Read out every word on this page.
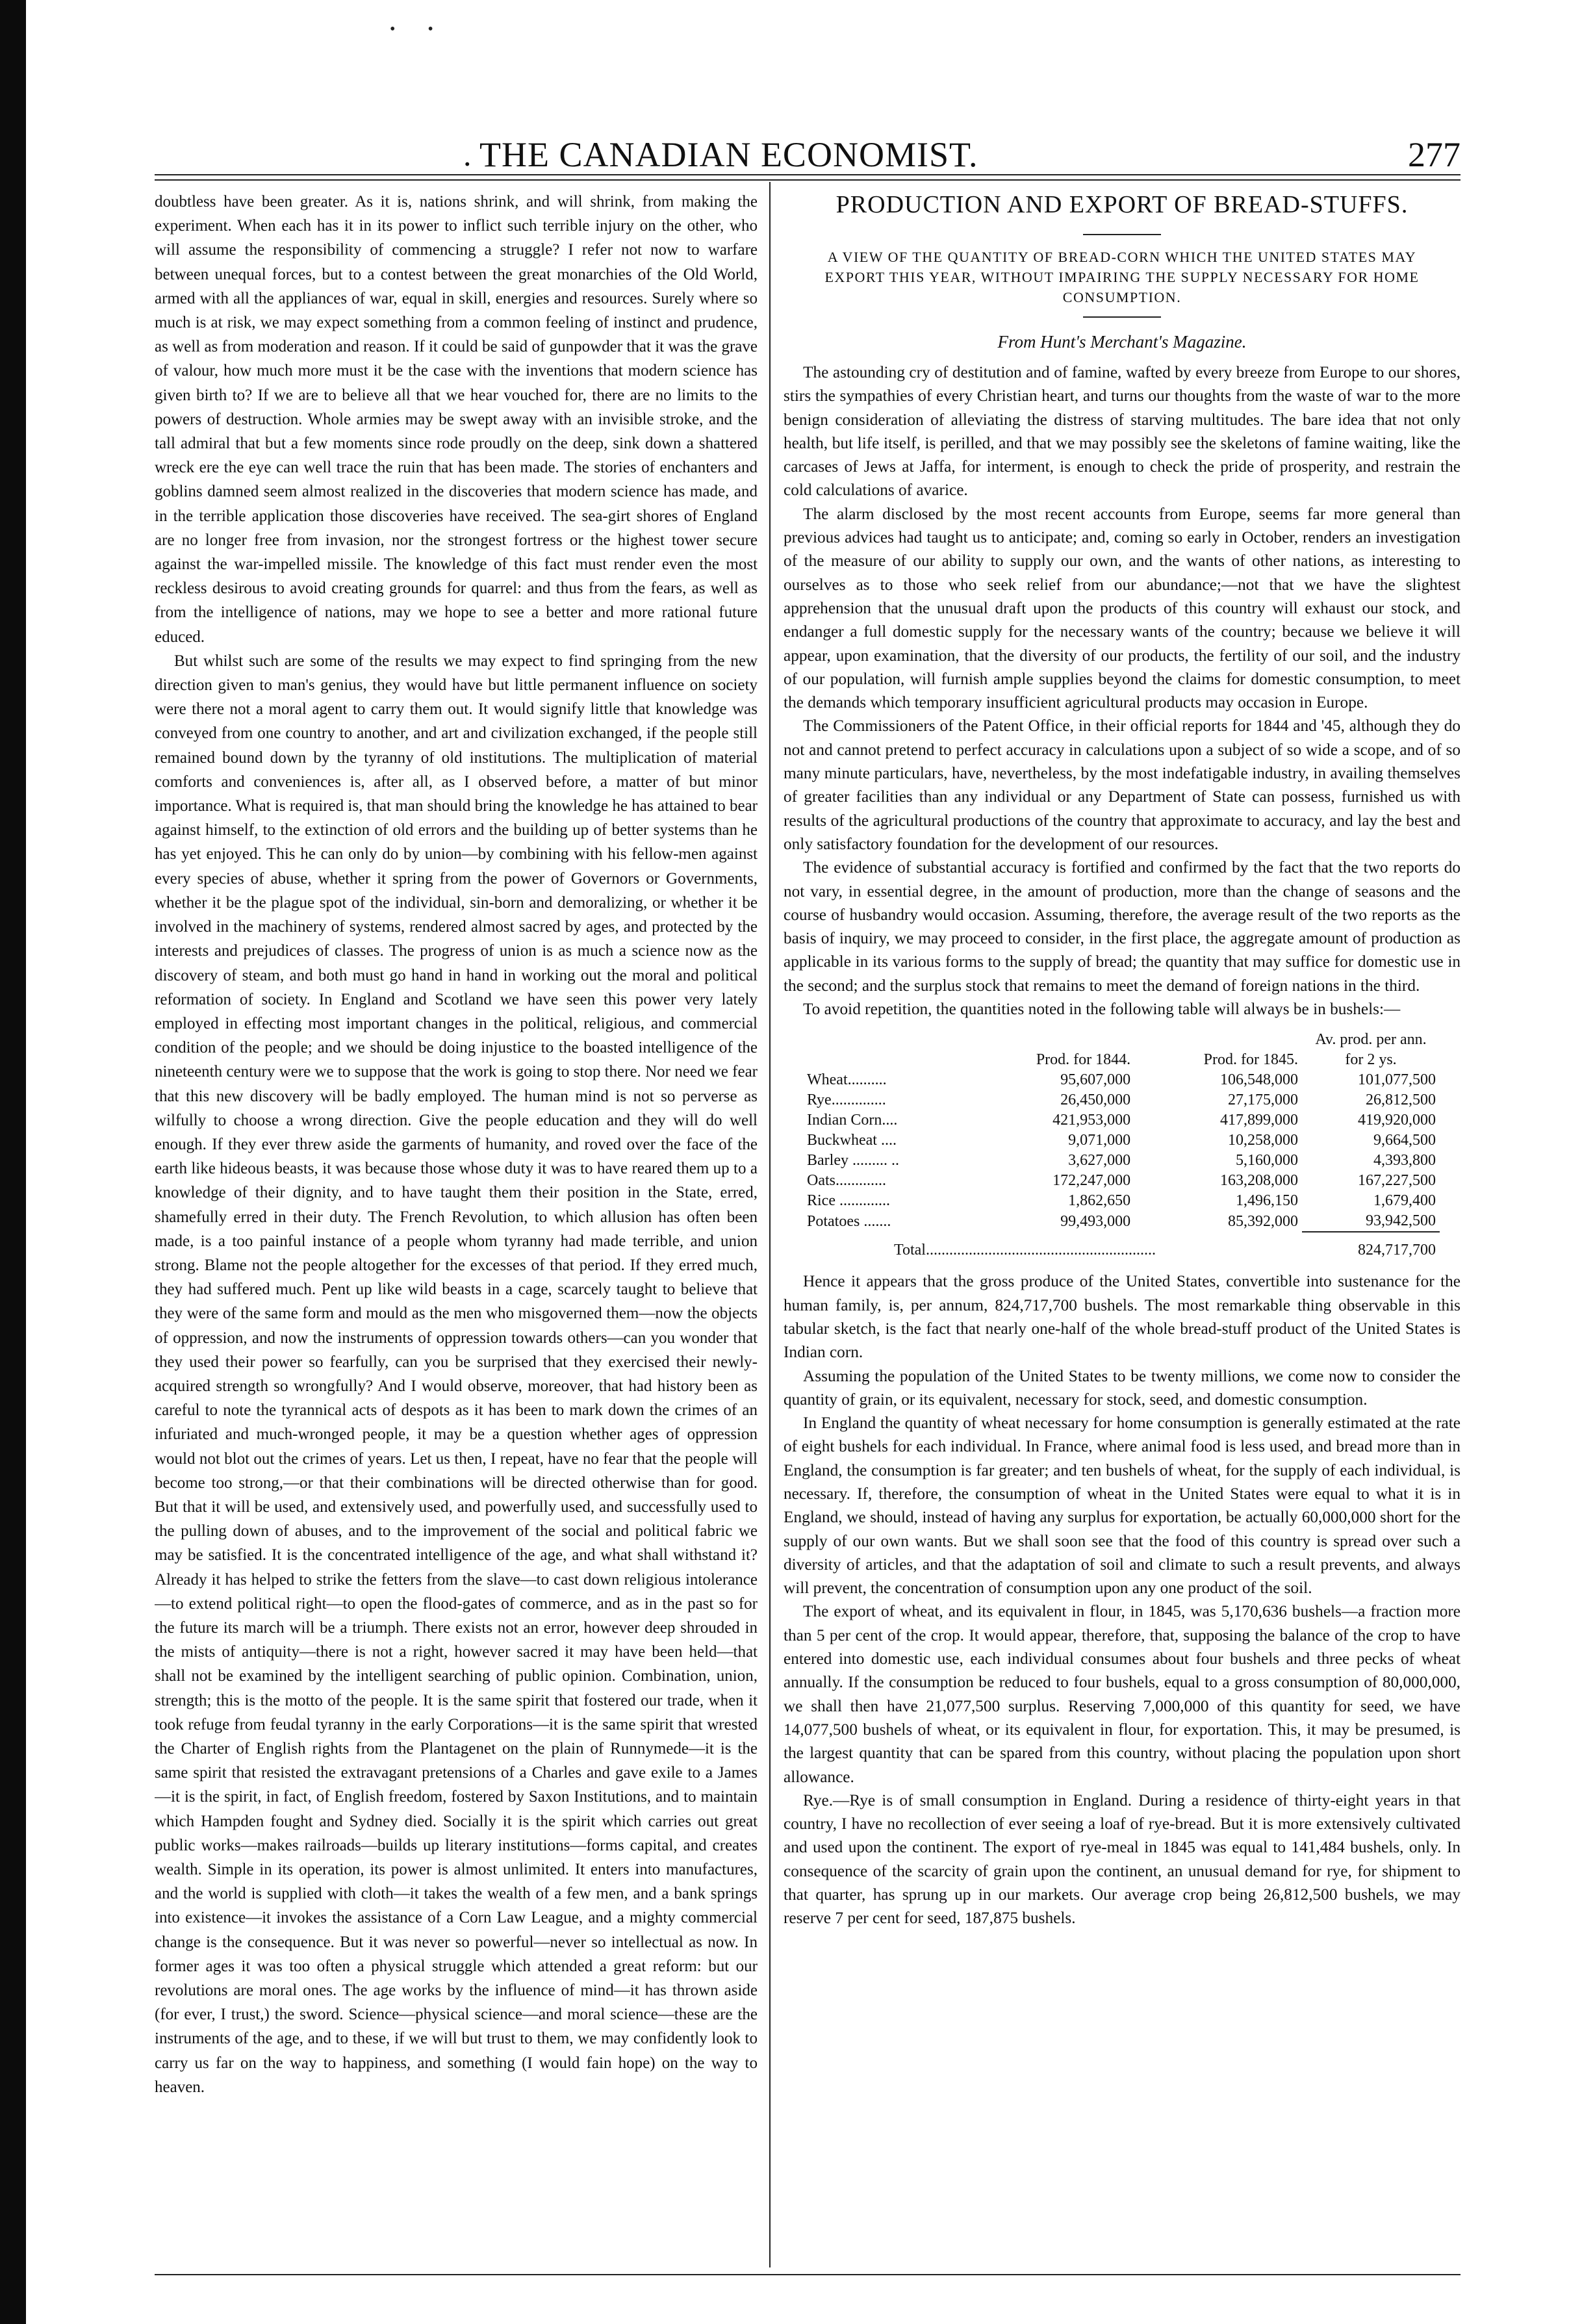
• •
. THE CANADIAN ECONOMIST.	277

doubtless have been greater. As it is, nations shrink, and will shrink, from making the experiment. When each has it in its power to inflict such terrible injury on the other, who will assume the responsibility of commencing a struggle? I refer not now to warfare between unequal forces, but to a contest between the great monarchies of the Old World, armed with all the appliances of war, equal in skill, energies and resources. Surely where so much is at risk, we may expect something from a common feeling of instinct and prudence, as well as from moderation and reason. If it could be said of gunpowder that it was the grave of valour, how much more must it be the case with the inventions that modern science has given birth to? If we are to believe all that we hear vouched for, there are no limits to the powers of destruction. Whole armies may be swept away with an invisible stroke, and the tall admiral that but a few moments since rode proudly on the deep, sink down a shattered wreck ere the eye can well trace the ruin that has been made. The stories of enchanters and goblins damned seem almost realized in the discoveries that modern science has made, and in the terrible application those discoveries have received. The sea-girt shores of England are no longer free from invasion, nor the strongest fortress or the highest tower secure against the war-impelled missile. The knowledge of this fact must render even the most reckless desirous to avoid creating grounds for quarrel: and thus from the fears, as well as from the intelligence of nations, may we hope to see a better and more rational future educed.

But whilst such are some of the results we may expect to find springing from the new direction given to man's genius, they would have but little permanent influence on society were there not a moral agent to carry them out. It would signify little that knowledge was conveyed from one country to another, and art and civilization exchanged, if the people still remained bound down by the tyranny of old institutions. The multiplication of material comforts and conveniences is, after all, as I observed before, a matter of but minor importance. What is required is, that man should bring the knowledge he has attained to bear against himself, to the extinction of old errors and the building up of better systems than he has yet enjoyed. This he can only do by union—by combining with his fellow-men against every species of abuse, whether it spring from the power of Governors or Governments, whether it be the plague spot of the individual, sin-born and demoralizing, or whether it be involved in the machinery of systems, rendered almost sacred by ages, and protected by the interests and prejudices of classes. The progress of union is as much a science now as the discovery of steam, and both must go hand in hand in working out the moral and political reformation of society. In England and Scotland we have seen this power very lately employed in effecting most important changes in the political, religious, and commercial condition of the people; and we should be doing injustice to the boasted intelligence of the nineteenth century were we to suppose that the work is going to stop there. Nor need we fear that this new discovery will be badly employed. The human mind is not so perverse as wilfully to choose a wrong direction. Give the people education and they will do well enough. If they ever threw aside the garments of humanity, and roved over the face of the earth like hideous beasts, it was because those whose duty it was to have reared them up to a knowledge of their dignity, and to have taught them their position in the State, erred, shamefully erred in their duty. The French Revolution, to which allusion has often been made, is a too painful instance of a people whom tyranny had made terrible, and union strong. Blame not the people altogether for the excesses of that period. If they erred much, they had suffered much. Pent up like wild beasts in a cage, scarcely taught to believe that they were of the same form and mould as the men who misgoverned them—now the objects of oppression, and now the instruments of oppression towards others—can you wonder that they used their power so fearfully, can you be surprised that they exercised their newly-acquired strength so wrongfully? And I would observe, moreover, that had history been as careful to note the tyrannical acts of despots as it has been to mark down the crimes of an infuriated and much-wronged people, it may be a question whether ages of oppression would not blot out the crimes of years. Let us then, I repeat, have no fear that the people will become too strong,—or that their combinations will be directed otherwise than for good. But that it will be used, and extensively used, and powerfully used, and successfully used to the pulling down of abuses, and to the improvement of the social and political fabric we may be satisfied. It is the concentrated intelligence of the age, and what shall withstand it? Already it has helped to strike the fetters from the slave—to cast down religious intolerance—to extend political right—to open the flood-gates of commerce, and as in the past so for the future its march will be a triumph. There exists not an error, however deep shrouded in the mists of antiquity—there is not a right, however sacred it may have been held—that shall not be examined by the intelligent searching of public opinion. Combination, union, strength; this is the motto of the people. It is the same spirit that fostered our trade, when it took refuge from feudal tyranny in the early Corporations—it is the same spirit that wrested the Charter of English rights from the Plantagenet on the plain of Runnymede—it is the same spirit that resisted the extravagant pretensions of a Charles and gave exile to a James—it is the spirit, in fact, of English freedom, fostered by Saxon Institutions, and to maintain which Hampden fought and Sydney died. Socially it is the spirit which carries out great public works—makes railroads—builds up literary institutions—forms capital, and creates wealth. Simple in its operation, its power is almost unlimited. It enters into manufactures, and the world is supplied with cloth—it takes the wealth of a few men, and a bank springs into existence—it invokes the assistance of a Corn Law League, and a mighty commercial change is the consequence. But it was never so powerful—never so intellectual as now. In former ages it was too often a physical struggle which attended a great reform: but our revolutions are moral ones. The age works by the influence of mind—it has thrown aside (for ever, I trust,) the sword. Science—physical science—and moral science—these are the instruments of the age, and to these, if we will but trust to them, we may confidently look to carry us far on the way to happiness, and something (I would fain hope) on the way to heaven.

PRODUCTION AND EXPORT OF BREAD-STUFFS.
A VIEW OF THE QUANTITY OF BREAD-CORN WHICH THE UNITED STATES MAY EXPORT THIS YEAR, WITHOUT IMPAIRING THE SUPPLY NECESSARY FOR HOME CONSUMPTION.
From Hunt's Merchant's Magazine.

The astounding cry of destitution and of famine, wafted by every breeze from Europe to our shores, stirs the sympathies of every Christian heart, and turns our thoughts from the waste of war to the more benign consideration of alleviating the distress of starving multitudes. The bare idea that not only health, but life itself, is perilled, and that we may possibly see the skeletons of famine waiting, like the carcases of Jews at Jaffa, for interment, is enough to check the pride of prosperity, and restrain the cold calculations of avarice.

The alarm disclosed by the most recent accounts from Europe, seems far more general than previous advices had taught us to anticipate; and, coming so early in October, renders an investigation of the measure of our ability to supply our own, and the wants of other nations, as interesting to ourselves as to those who seek relief from our abundance;—not that we have the slightest apprehension that the unusual draft upon the products of this country will exhaust our stock, and endanger a full domestic supply for the necessary wants of the country; because we believe it will appear, upon examination, that the diversity of our products, the fertility of our soil, and the industry of our population, will furnish ample supplies beyond the claims for domestic consumption, to meet the demands which temporary insufficient agricultural products may occasion in Europe.

The Commissioners of the Patent Office, in their official reports for 1844 and '45, although they do not and cannot pretend to perfect accuracy in calculations upon a subject of so wide a scope, and of so many minute particulars, have, nevertheless, by the most indefatigable industry, in availing themselves of greater facilities than any individual or any Department of State can possess, furnished us with results of the agricultural productions of the country that approximate to accuracy, and lay the best and only satisfactory foundation for the development of our resources.

The evidence of substantial accuracy is fortified and confirmed by the fact that the two reports do not vary, in essential degree, in the amount of production, more than the change of seasons and the course of husbandry would occasion. Assuming, therefore, the average result of the two reports as the basis of inquiry, we may proceed to consider, in the first place, the aggregate amount of production as applicable in its various forms to the supply of bread; the quantity that may suffice for domestic use in the second; and the surplus stock that remains to meet the demand of foreign nations in the third.

To avoid repetition, the quantities noted in the following table will always be in bushels:—

	Prod. for 1844.	Prod. for 1845.	Av. prod. per ann. for 2 ys.
Wheat..........	95,607,000	106,548,000	101,077,500
Rye..............	26,450,000	27,175,000	26,812,500
Indian Corn....	421,953,000	417,899,000	419,920,000
Buckwheat ....	9,071,000	10,258,000	9,664,500
Barley ......... ..	3,627,000	5,160,000	4,393,800
Oats.............	172,247,000	163,208,000	167,227,500
Rice .............	1,862,650	1,496,150	1,679,400
Potatoes .......	99,493,000	85,392,000	93,942,500

Total...........................................................			824,717,700

Hence it appears that the gross produce of the United States, convertible into sustenance for the human family, is, per annum, 824,717,700 bushels. The most remarkable thing observable in this tabular sketch, is the fact that nearly one-half of the whole bread-stuff product of the United States is Indian corn.

Assuming the population of the United States to be twenty millions, we come now to consider the quantity of grain, or its equivalent, necessary for stock, seed, and domestic consumption.

In England the quantity of wheat necessary for home consumption is generally estimated at the rate of eight bushels for each individual. In France, where animal food is less used, and bread more than in England, the consumption is far greater; and ten bushels of wheat, for the supply of each individual, is necessary. If, therefore, the consumption of wheat in the United States were equal to what it is in England, we should, instead of having any surplus for exportation, be actually 60,000,000 short for the supply of our own wants. But we shall soon see that the food of this country is spread over such a diversity of articles, and that the adaptation of soil and climate to such a result prevents, and always will prevent, the concentration of consumption upon any one product of the soil.

The export of wheat, and its equivalent in flour, in 1845, was 5,170,636 bushels—a fraction more than 5 per cent of the crop. It would appear, therefore, that, supposing the balance of the crop to have entered into domestic use, each individual consumes about four bushels and three pecks of wheat annually. If the consumption be reduced to four bushels, equal to a gross consumption of 80,000,000, we shall then have 21,077,500 surplus. Reserving 7,000,000 of this quantity for seed, we have 14,077,500 bushels of wheat, or its equivalent in flour, for exportation. This, it may be presumed, is the largest quantity that can be spared from this country, without placing the population upon short allowance.

Rye.—Rye is of small consumption in England. During a residence of thirty-eight years in that country, I have no recollection of ever seeing a loaf of rye-bread. But it is more extensively cultivated and used upon the continent. The export of rye-meal in 1845 was equal to 141,484 bushels, only. In consequence of the scarcity of grain upon the continent, an unusual demand for rye, for shipment to that quarter, has sprung up in our markets. Our average crop being 26,812,500 bushels, we may reserve 7 per cent for seed, 187,875 bushels.
